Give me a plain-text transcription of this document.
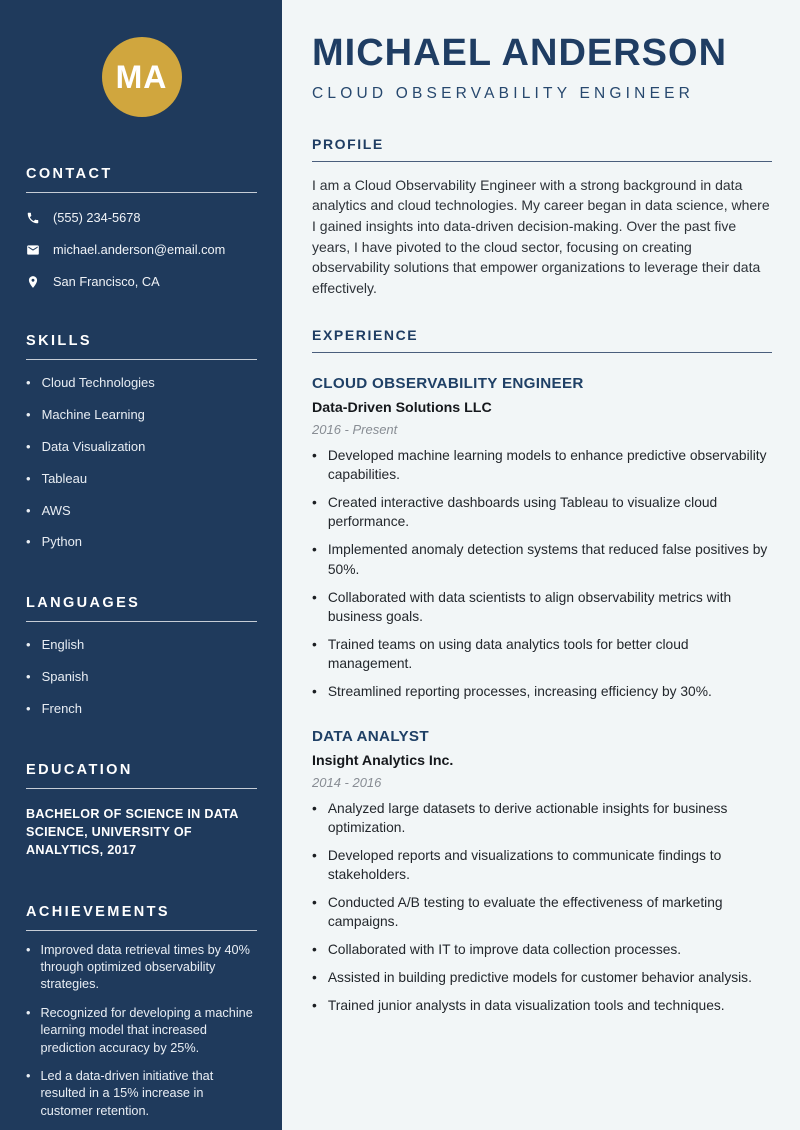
MA
CONTACT
(555) 234-5678
michael.anderson@email.com
San Francisco, CA
SKILLS
• Cloud Technologies
• Machine Learning
• Data Visualization
• Tableau
• AWS
• Python
LANGUAGES
• English
• Spanish
• French
EDUCATION
BACHELOR OF SCIENCE IN DATA SCIENCE, UNIVERSITY OF ANALYTICS, 2017
ACHIEVEMENTS
• Improved data retrieval times by 40% through optimized observability strategies.
• Recognized for developing a machine learning model that increased prediction accuracy by 25%.
• Led a data-driven initiative that resulted in a 15% increase in customer retention.
MICHAEL ANDERSON
CLOUD OBSERVABILITY ENGINEER
PROFILE

I am a Cloud Observability Engineer with a strong background in data analytics and cloud technologies. My career began in data science, where I gained insights into data-driven decision-making. Over the past five years, I have pivoted to the cloud sector, focusing on creating observability solutions that empower organizations to leverage their data effectively.

EXPERIENCE
CLOUD OBSERVABILITY ENGINEER
Data-Driven Solutions LLC
2016 - Present
• Developed machine learning models to enhance predictive observability capabilities.
• Created interactive dashboards using Tableau to visualize cloud performance.
• Implemented anomaly detection systems that reduced false positives by 50%.
• Collaborated with data scientists to align observability metrics with business goals.
• Trained teams on using data analytics tools for better cloud management.
• Streamlined reporting processes, increasing efficiency by 30%.
DATA ANALYST
Insight Analytics Inc.
2014 - 2016
• Analyzed large datasets to derive actionable insights for business optimization.
• Developed reports and visualizations to communicate findings to stakeholders.
• Conducted A/B testing to evaluate the effectiveness of marketing campaigns.
• Collaborated with IT to improve data collection processes.
• Assisted in building predictive models for customer behavior analysis.
• Trained junior analysts in data visualization tools and techniques.
